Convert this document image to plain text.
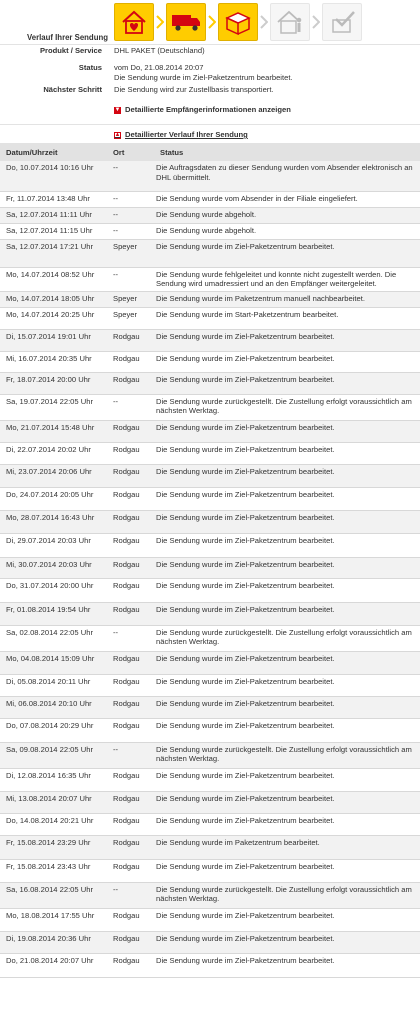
Verlauf Ihrer Sendung
Produkt / Service	DHL PAKET (Deutschland)
Status	vom Do, 21.08.2014 20:07
Die Sendung wurde im Ziel-Paketzentrum bearbeitet.
Nächster Schritt	Die Sendung wird zur Zustellbasis transportiert.
▼ Detaillierte Empfängerinformationen anzeigen
▲ Detaillierter Verlauf Ihrer Sendung
Datum/Uhrzeit	Ort	Status
Do, 10.07.2014 10:16 Uhr	--	Die Auftragsdaten zu dieser Sendung wurden vom Absender elektronisch an DHL übermittelt.
Fr, 11.07.2014 13:48 Uhr	--	Die Sendung wurde vom Absender in der Filiale eingeliefert.
Sa, 12.07.2014 11:11 Uhr	--	Die Sendung wurde abgeholt.
Sa, 12.07.2014 11:15 Uhr	--	Die Sendung wurde abgeholt.
Sa, 12.07.2014 17:21 Uhr	Speyer	Die Sendung wurde im Ziel-Paketzentrum bearbeitet.
Mo, 14.07.2014 08:52 Uhr	--	Die Sendung wurde fehlgeleitet und konnte nicht zugestellt werden. Die Sendung wird umadressiert und an den Empfänger weitergeleitet.
Mo, 14.07.2014 18:05 Uhr	Speyer	Die Sendung wurde im Paketzentrum manuell nachbearbeitet.
Mo, 14.07.2014 20:25 Uhr	Speyer	Die Sendung wurde im Start-Paketzentrum bearbeitet.
Di, 15.07.2014 19:01 Uhr	Rodgau	Die Sendung wurde im Ziel-Paketzentrum bearbeitet.
Mi, 16.07.2014 20:35 Uhr	Rodgau	Die Sendung wurde im Ziel-Paketzentrum bearbeitet.
Fr, 18.07.2014 20:00 Uhr	Rodgau	Die Sendung wurde im Ziel-Paketzentrum bearbeitet.
Sa, 19.07.2014 22:05 Uhr	--	Die Sendung wurde zurückgestellt. Die Zustellung erfolgt voraussichtlich am nächsten Werktag.
Mo, 21.07.2014 15:48 Uhr	Rodgau	Die Sendung wurde im Ziel-Paketzentrum bearbeitet.
Di, 22.07.2014 20:02 Uhr	Rodgau	Die Sendung wurde im Ziel-Paketzentrum bearbeitet.
Mi, 23.07.2014 20:06 Uhr	Rodgau	Die Sendung wurde im Ziel-Paketzentrum bearbeitet.
Do, 24.07.2014 20:05 Uhr	Rodgau	Die Sendung wurde im Ziel-Paketzentrum bearbeitet.
Mo, 28.07.2014 16:43 Uhr	Rodgau	Die Sendung wurde im Ziel-Paketzentrum bearbeitet.
Di, 29.07.2014 20:03 Uhr	Rodgau	Die Sendung wurde im Ziel-Paketzentrum bearbeitet.
Mi, 30.07.2014 20:03 Uhr	Rodgau	Die Sendung wurde im Ziel-Paketzentrum bearbeitet.
Do, 31.07.2014 20:00 Uhr	Rodgau	Die Sendung wurde im Ziel-Paketzentrum bearbeitet.
Fr, 01.08.2014 19:54 Uhr	Rodgau	Die Sendung wurde im Ziel-Paketzentrum bearbeitet.
Sa, 02.08.2014 22:05 Uhr	--	Die Sendung wurde zurückgestellt. Die Zustellung erfolgt voraussichtlich am nächsten Werktag.
Mo, 04.08.2014 15:09 Uhr	Rodgau	Die Sendung wurde im Ziel-Paketzentrum bearbeitet.
Di, 05.08.2014 20:11 Uhr	Rodgau	Die Sendung wurde im Ziel-Paketzentrum bearbeitet.
Mi, 06.08.2014 20:10 Uhr	Rodgau	Die Sendung wurde im Ziel-Paketzentrum bearbeitet.
Do, 07.08.2014 20:29 Uhr	Rodgau	Die Sendung wurde im Ziel-Paketzentrum bearbeitet.
Sa, 09.08.2014 22:05 Uhr	--	Die Sendung wurde zurückgestellt. Die Zustellung erfolgt voraussichtlich am nächsten Werktag.
Di, 12.08.2014 16:35 Uhr	Rodgau	Die Sendung wurde im Ziel-Paketzentrum bearbeitet.
Mi, 13.08.2014 20:07 Uhr	Rodgau	Die Sendung wurde im Ziel-Paketzentrum bearbeitet.
Do, 14.08.2014 20:21 Uhr	Rodgau	Die Sendung wurde im Ziel-Paketzentrum bearbeitet.
Fr, 15.08.2014 23:29 Uhr	Rodgau	Die Sendung wurde im Paketzentrum bearbeitet.
Fr, 15.08.2014 23:43 Uhr	Rodgau	Die Sendung wurde im Ziel-Paketzentrum bearbeitet.
Sa, 16.08.2014 22:05 Uhr	--	Die Sendung wurde zurückgestellt. Die Zustellung erfolgt voraussichtlich am nächsten Werktag.
Mo, 18.08.2014 17:55 Uhr	Rodgau	Die Sendung wurde im Ziel-Paketzentrum bearbeitet.
Di, 19.08.2014 20:36 Uhr	Rodgau	Die Sendung wurde im Ziel-Paketzentrum bearbeitet.
Do, 21.08.2014 20:07 Uhr	Rodgau	Die Sendung wurde im Ziel-Paketzentrum bearbeitet.
